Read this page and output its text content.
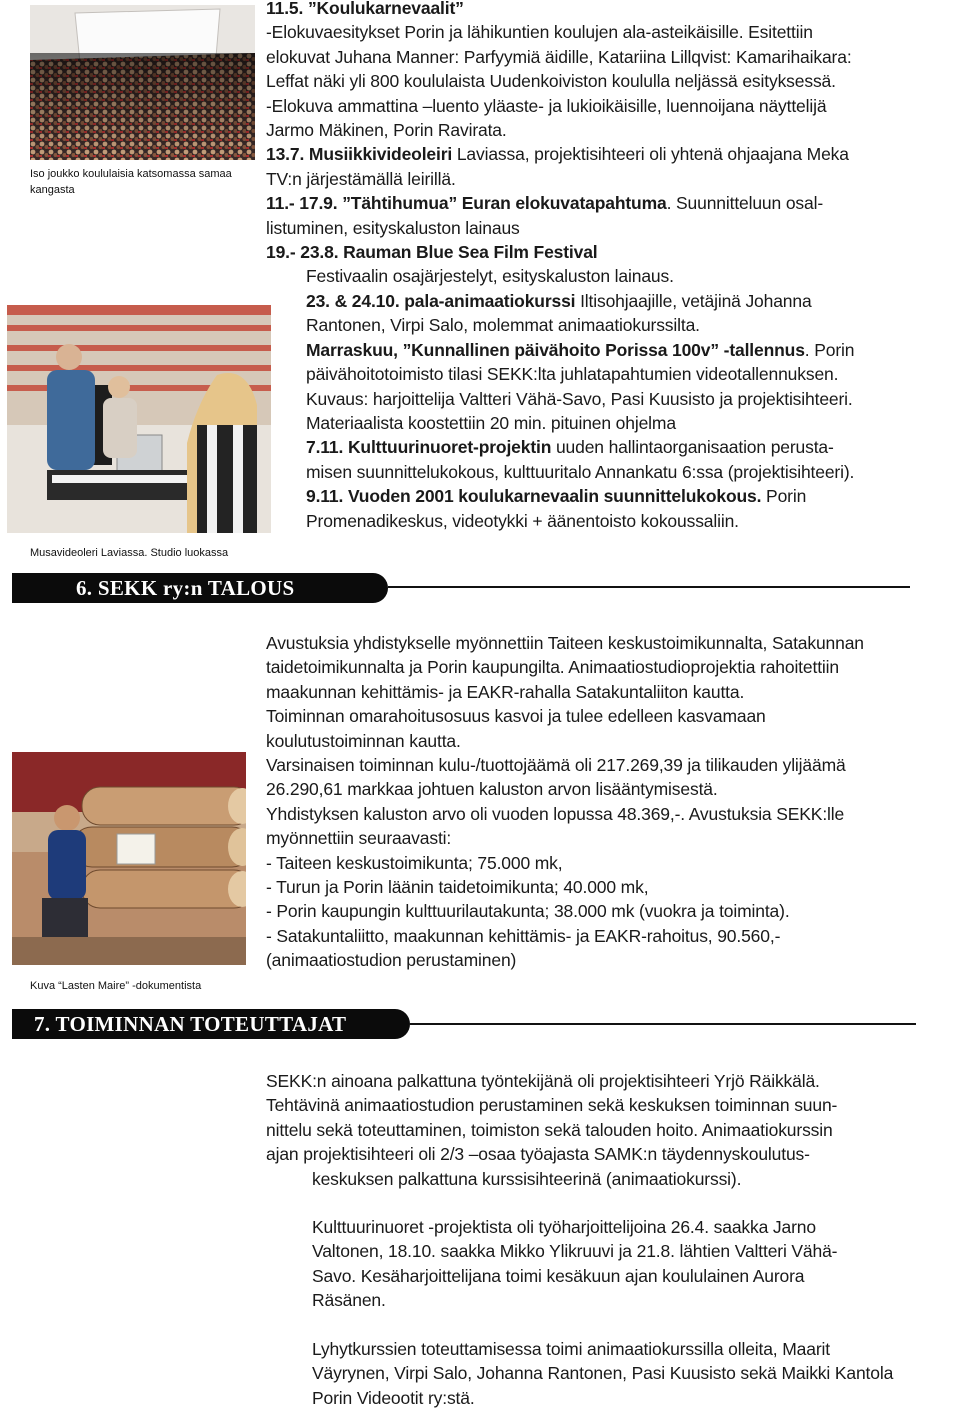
Iso joukko koululaisia katsomassa samaa kangasta
Musavideoleri Laviassa. Studio luokassa
Kuva “Lasten Maire” -dokumentista

11.5. ”Koulukarnevaalit”

-Elokuvaesitykset Porin ja lähikuntien koulujen ala-asteikäisille. Esitettiin

elokuvat Juhana Manner: Parfyymiä äidille, Katariina Lillqvist: Kamarihaikara:

Leffat näki yli 800 koululaista Uudenkoiviston koululla neljässä esityksessä.

-Elokuva ammattina –luento yläaste- ja lukioikäisille, luennoijana näyttelijä

Jarmo Mäkinen, Porin Ravirata.

13.7. Musiikkivideoleiri Laviassa, projektisihteeri oli yhtenä ohjaajana Meka

TV:n järjestämällä leirillä.

11.- 17.9. ”Tähtihumua” Euran elokuvatapahtuma. Suunnitteluun osal-

listuminen, esityskaluston lainaus

19.- 23.8. Rauman Blue Sea Film Festival

Festivaalin osajärjestelyt, esityskaluston lainaus.

23. & 24.10. pala-animaatiokurssi Iltisohjaajille, vetäjinä Johanna

Rantonen, Virpi Salo, molemmat animaatiokurssilta.

Marraskuu, ”Kunnallinen päivähoito Porissa 100v” -tallennus. Porin

päivähoitotoimisto tilasi SEKK:lta juhlatapahtumien videotallennuksen.

Kuvaus: harjoittelija Valtteri Vähä-Savo, Pasi Kuusisto ja projektisihteeri.

Materiaalista koostettiin 20 min. pituinen ohjelma

7.11. Kulttuurinuoret-projektin uuden hallintaorganisaation perusta-

misen suunnittelukokous, kulttuuritalo Annankatu 6:ssa (projektisihteeri).

9.11. Vuoden 2001 koulukarnevaalin suunnittelukokous. Porin

Promenadikeskus, videotykki + äänentoisto kokoussaliin.

6. SEKK ry:n TALOUS

Avustuksia yhdistykselle myönnettiin Taiteen keskustoimikunnalta, Satakunnan

taidetoimikunnalta ja Porin kaupungilta. Animaatiostudioprojektia rahoitettiin

maakunnan kehittämis- ja EAKR-rahalla Satakuntaliiton kautta.

Toiminnan omarahoitusosuus kasvoi ja tulee edelleen kasvamaan

koulutustoiminnan kautta.

Varsinaisen toiminnan kulu-/tuottojäämä oli 217.269,39 ja tilikauden ylijäämä

26.290,61 markkaa johtuen kaluston arvon lisääntymisestä.

Yhdistyksen kaluston arvo oli vuoden lopussa 48.369,-. Avustuksia SEKK:lle

myönnettiin seuraavasti:

- Taiteen keskustoimikunta; 75.000 mk,

- Turun ja Porin läänin taidetoimikunta; 40.000 mk,

- Porin kaupungin kulttuurilautakunta; 38.000 mk (vuokra ja toiminta).

- Satakuntaliitto, maakunnan kehittämis- ja EAKR-rahoitus, 90.560,-

(animaatiostudion perustaminen)

7. TOIMINNAN TOTEUTTAJAT

SEKK:n ainoana palkattuna työntekijänä oli projektisihteeri Yrjö Räikkälä.

Tehtävinä animaatiostudion perustaminen sekä keskuksen toiminnan suun-

nittelu sekä toteuttaminen, toimiston sekä talouden hoito. Animaatiokurssin

ajan projektisihteeri oli 2/3 –osaa työajasta SAMK:n täydennyskoulutus-

keskuksen palkattuna kurssisihteerinä (animaatiokurssi).

Kulttuurinuoret -projektista oli työharjoittelijoina 26.4. saakka Jarno

Valtonen, 18.10. saakka Mikko Ylikruuvi ja 21.8. lähtien Valtteri Vähä-

Savo. Kesäharjoittelijana toimi kesäkuun ajan koululainen Aurora

Räsänen.

Lyhytkurssien toteuttamisessa toimi animaatiokurssilla olleita, Maarit

Väyrynen, Virpi Salo, Johanna Rantonen, Pasi Kuusisto sekä Maikki Kantola

Porin Videootit ry:stä.
